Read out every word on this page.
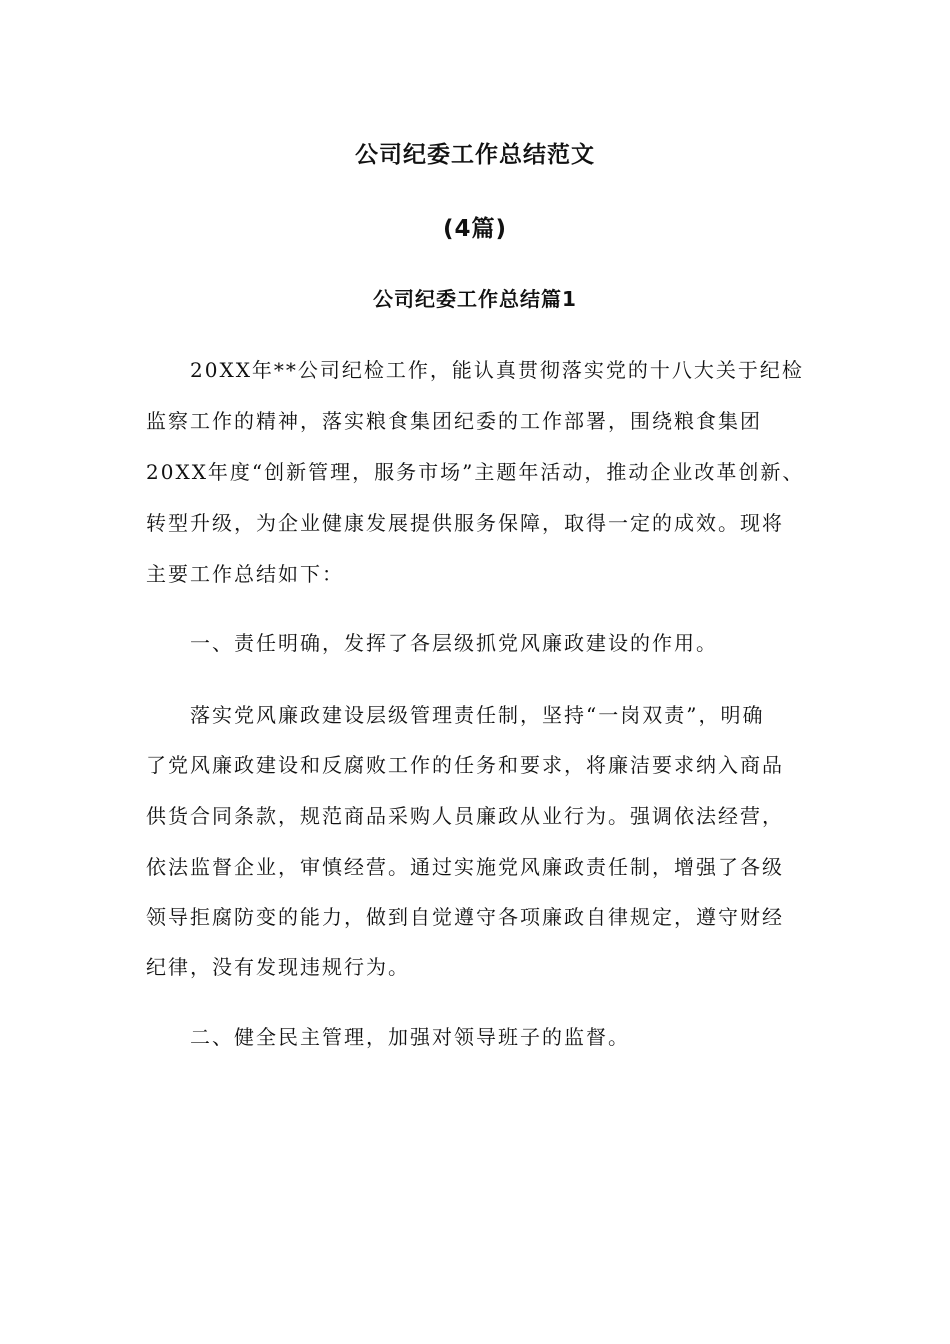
公司纪委工作总结范文
(4篇)
公司纪委工作总结篇1
20XX年**公司纪检工作，能认真贯彻落实党的十八大关于纪检
监察工作的精神，落实粮食集团纪委的工作部署，围绕粮食集团
20XX年度“创新管理，服务市场”主题年活动，推动企业改革创新、
转型升级，为企业健康发展提供服务保障，取得一定的成效。现将
主要工作总结如下：
一、责任明确，发挥了各层级抓党风廉政建设的作用。
落实党风廉政建设层级管理责任制，坚持“一岗双责”，明确
了党风廉政建设和反腐败工作的任务和要求，将廉洁要求纳入商品
供货合同条款，规范商品采购人员廉政从业行为。强调依法经营，
依法监督企业，审慎经营。通过实施党风廉政责任制，增强了各级
领导拒腐防变的能力，做到自觉遵守各项廉政自律规定，遵守财经
纪律，没有发现违规行为。
二、健全民主管理，加强对领导班子的监督。
